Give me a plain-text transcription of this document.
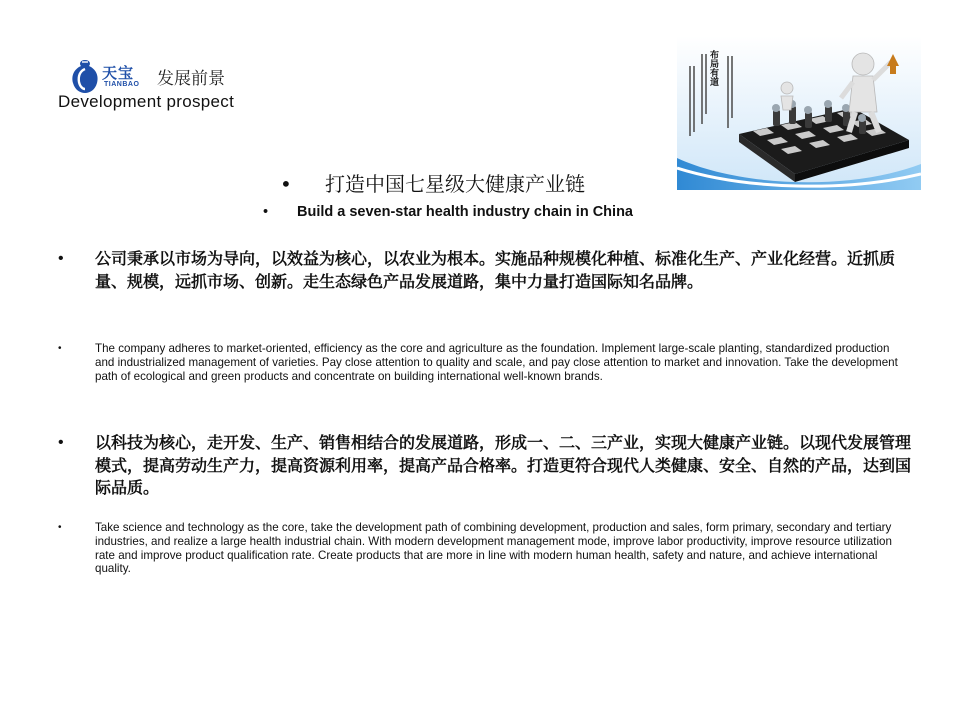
天宝
TIANBAO 发展前景
Development prospect
布局有道
• 打造中国七星级大健康产业链
• Build a seven-star health industry chain in China
• 公司秉承以市场为导向，以效益为核心，以农业为根本。实施品种规模化种植、标准化生产、产业化经营。近抓质量、规模，远抓市场、创新。走生态绿色产品发展道路，集中力量打造国际知名品牌。
•	The company adheres to market-oriented, efficiency as the core and agriculture as the foundation. Implement large-scale planting, standardized production and industrialized management of varieties. Pay close attention to quality and scale, and pay close attention to market and innovation. Take the development path of ecological and green products and concentrate on building international well-known brands.
• 以科技为核心，走开发、生产、销售相结合的发展道路，形成一、二、三产业，实现大健康产业链。以现代发展管理模式，提高劳动生产力，提高资源利用率，提高产品合格率。打造更符合现代人类健康、安全、自然的产品，达到国际品质。
•	Take science and technology as the core, take the development path of combining development, production and sales, form primary, secondary and tertiary industries, and realize a large health industrial chain. With modern development management mode, improve labor productivity, improve resource utilization rate and improve product qualification rate. Create products that are more in line with modern human health, safety and nature, and achieve international quality.
